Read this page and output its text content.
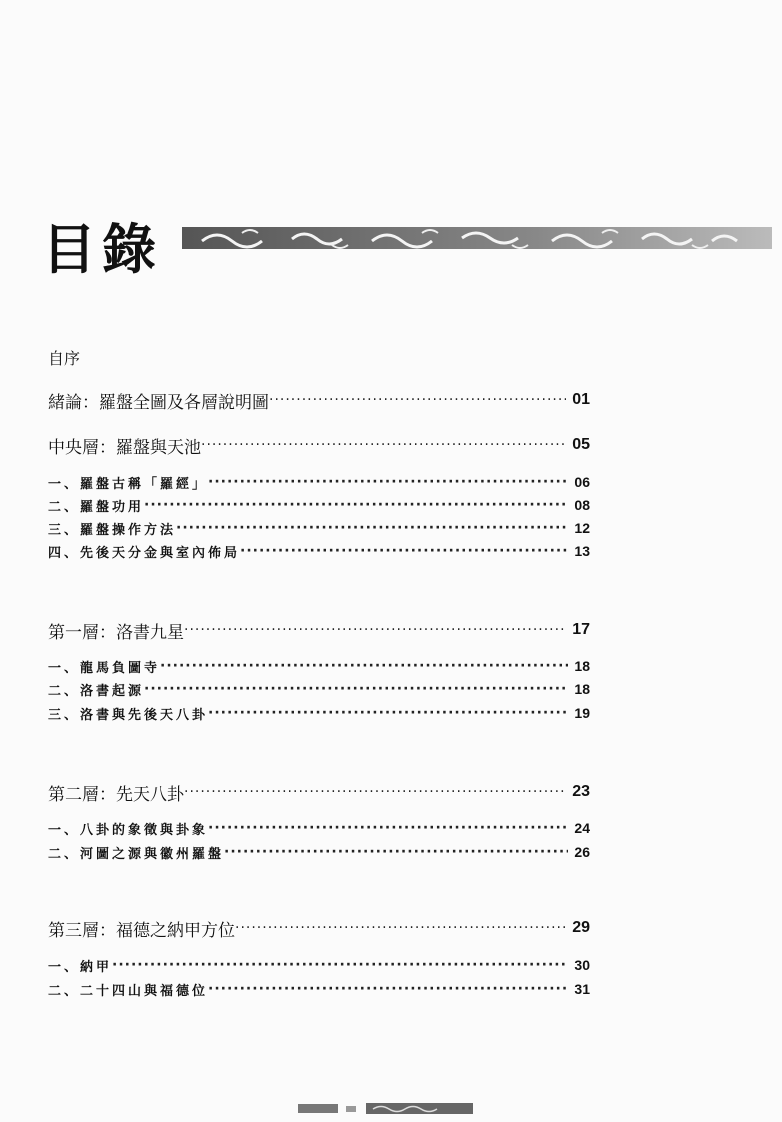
目錄
自序
緒論：羅盤全圖及各層說明圖 ·····	01
中央層：羅盤與天池 ·····	05
一、羅盤古稱「羅經」 ·····	06
二、羅盤功用 ·····	08
三、羅盤操作方法 ·····	12
四、先後天分金與室內佈局 ·····	13
第一層：洛書九星 ·····	17
一、龍馬負圖寺 ·····	18
二、洛書起源 ·····	18
三、洛書與先後天八卦 ·····	19
第二層：先天八卦 ·····	23
一、八卦的象徵與卦象 ·····	24
二、河圖之源與徽州羅盤 ·····	26
第三層：福德之納甲方位 ·····	29
一、納甲 ·····	30
二、二十四山與福德位 ·····	31
